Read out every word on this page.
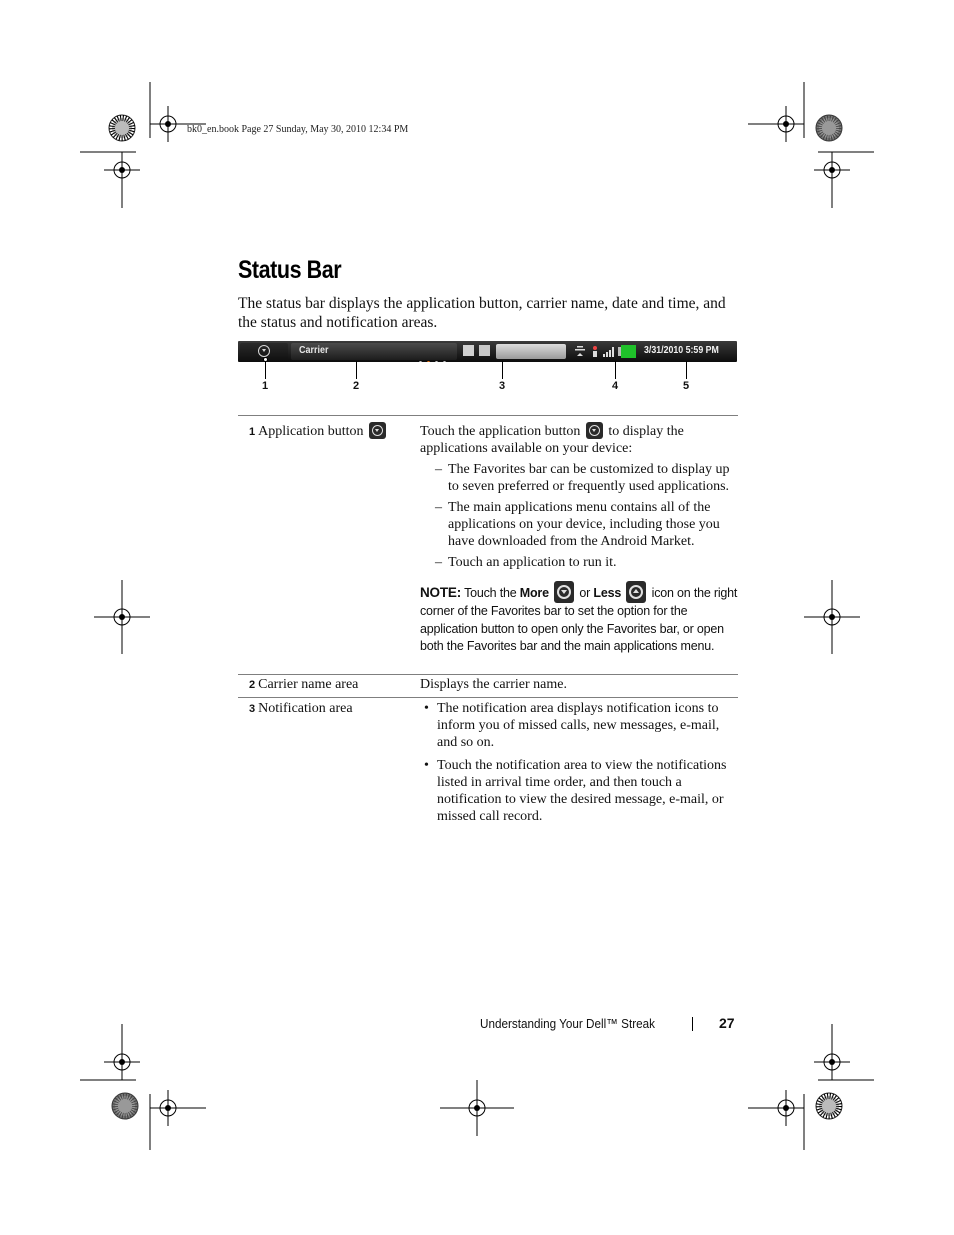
bk0_en.book Page 27 Sunday, May 30, 2010 12:34 PM
Status Bar

The status bar displays the application button, carrier name, date and time, and the status and notification areas.

Carrier	3/31/2010 5:59 PM
1	2	3	4	5
1 Application button	Touch the application button to display the applications available on your device:
– The Favorites bar can be customized to display up to seven preferred or frequently used applications.
– The main applications menu contains all of the applications on your device, including those you have downloaded from the Android Market.
– Touch an application to run it.
NOTE: Touch the More or Less icon on the right corner of the Favorites bar to set the option for the application button to open only the Favorites bar, or open both the Favorites bar and the main applications menu.
2 Carrier name area	Displays the carrier name.
3 Notification area	• The notification area displays notification icons to inform you of missed calls, new messages, e-mail, and so on.
• Touch the notification area to view the notifications listed in arrival time order, and then touch a notification to view the desired message, e-mail, or missed call record.
Understanding Your Dell™ Streak	27
